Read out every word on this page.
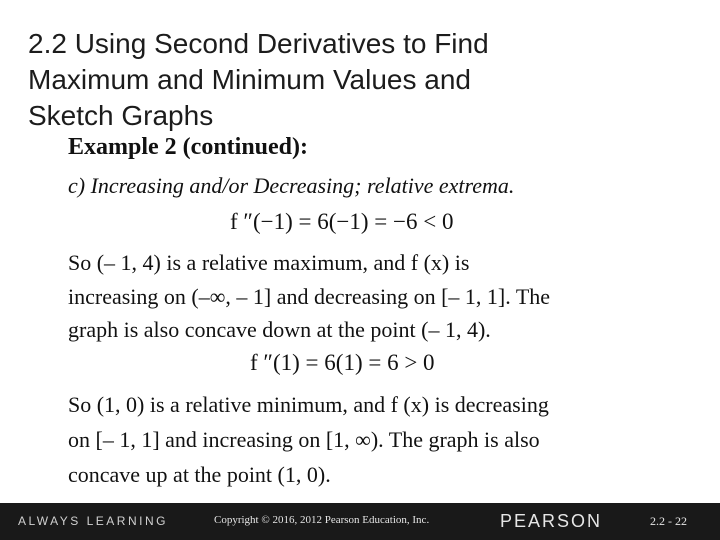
2.2 Using Second Derivatives to Find
Maximum and Minimum Values and
Sketch Graphs
Example 2 (continued):
c) Increasing and/or Decreasing; relative extrema.
f ″(−1) = 6(−1) = −6 < 0
So (– 1, 4) is a relative maximum, and f (x) is
increasing on (–∞, – 1] and decreasing on [– 1, 1]. The
graph is also concave down at the point (– 1, 4).
f ″(1) = 6(1) = 6 > 0
So (1, 0) is a relative minimum, and f (x) is decreasing
on [– 1, 1] and increasing on [1, ∞). The graph is also
concave up at the point (1, 0).
ALWAYS LEARNING	Copyright © 2016, 2012 Pearson Education, Inc.	PEARSON	2.2 - 22
